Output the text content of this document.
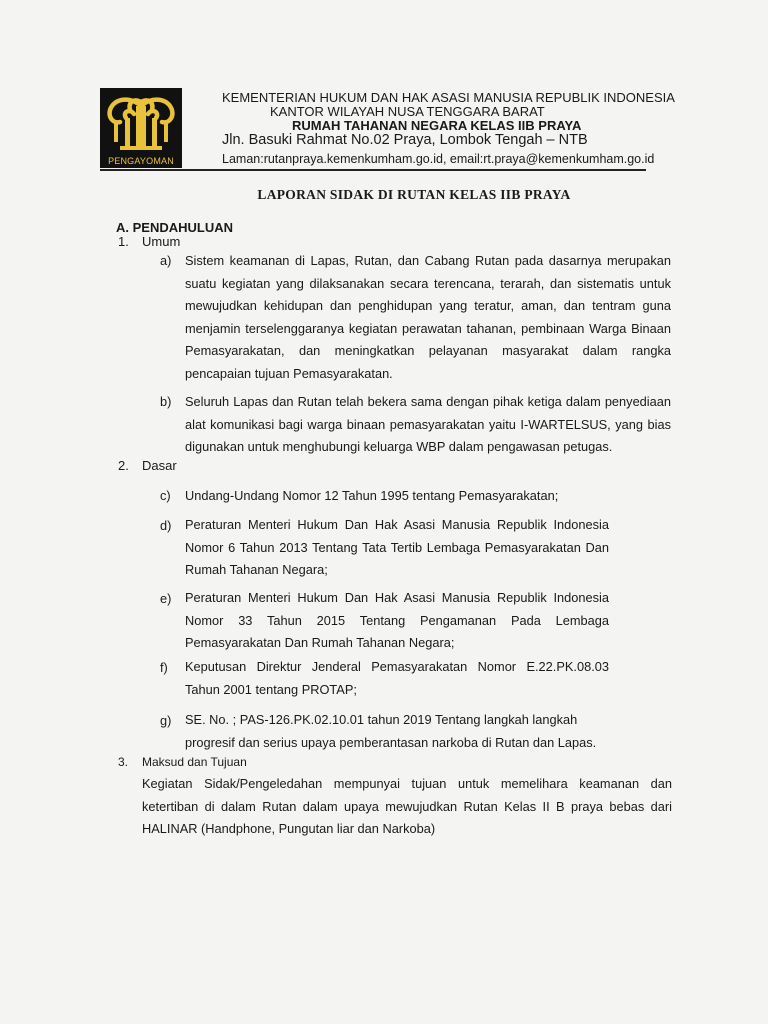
PENGAYOMAN
KEMENTERIAN HUKUM DAN HAK ASASI MANUSIA REPUBLIK INDONESIA
KANTOR WILAYAH NUSA TENGGARA BARAT
RUMAH TAHANAN NEGARA KELAS IIB PRAYA
Jln. Basuki Rahmat No.02 Praya, Lombok Tengah – NTB
Laman:rutanpraya.kemenkumham.go.id, email:rt.praya@kemenkumham.go.id
LAPORAN SIDAK DI RUTAN KELAS IIB PRAYA
A. PENDAHULUAN
1. Umum
a) Sistem keamanan di Lapas, Rutan, dan Cabang Rutan pada dasarnya merupakan suatu kegiatan yang dilaksanakan secara terencana, terarah, dan sistematis untuk mewujudkan kehidupan dan penghidupan yang teratur, aman, dan tentram guna menjamin terselenggaranya kegiatan perawatan tahanan, pembinaan Warga Binaan Pemasyarakatan, dan meningkatkan pelayanan masyarakat dalam rangka pencapaian tujuan Pemasyarakatan.

b) Seluruh Lapas dan Rutan telah bekera sama dengan pihak ketiga dalam penyediaan alat komunikasi bagi warga binaan pemasyarakatan yaitu I-WARTELSUS, yang bias digunakan untuk menghubungi keluarga WBP dalam pengawasan petugas.

2. Dasar
c) Undang-Undang Nomor 12 Tahun 1995 tentang Pemasyarakatan;

d) Peraturan Menteri Hukum Dan Hak Asasi Manusia Republik Indonesia Nomor 6 Tahun 2013 Tentang Tata Tertib Lembaga Pemasyarakatan Dan Rumah Tahanan Negara;

e) Peraturan Menteri Hukum Dan Hak Asasi Manusia Republik Indonesia Nomor 33 Tahun 2015 Tentang Pengamanan Pada Lembaga Pemasyarakatan Dan Rumah Tahanan Negara;

f) Keputusan Direktur Jenderal Pemasyarakatan Nomor E.22.PK.08.03 Tahun 2001 tentang PROTAP;

g) SE. No. ; PAS-126.PK.02.10.01 tahun 2019 Tentang langkah langkah progresif dan serius upaya pemberantasan narkoba di Rutan dan Lapas.

3. Maksud dan Tujuan

Kegiatan Sidak/Pengeledahan mempunyai tujuan untuk memelihara keamanan dan ketertiban di dalam Rutan dalam upaya mewujudkan Rutan Kelas II B praya bebas dari HALINAR (Handphone, Pungutan liar dan Narkoba)
